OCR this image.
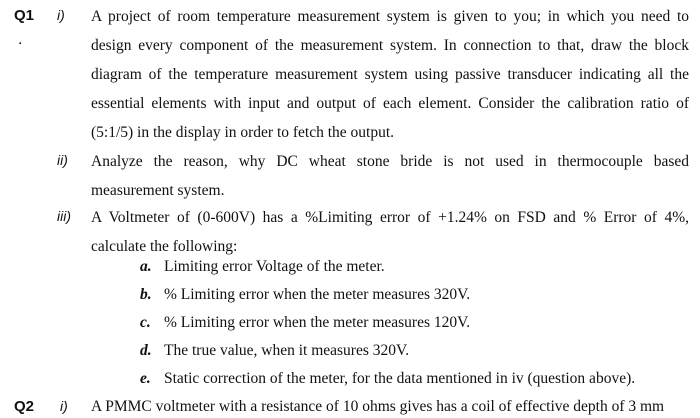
Q1
.
i) A project of room temperature measurement system is given to you; in which you need to
design every component of the measurement system. In connection to that, draw the block
diagram of the temperature measurement system using passive transducer indicating all the
essential elements with input and output of each element. Consider the calibration ratio of
(5:1/5) in the display in order to fetch the output.
ii) Analyze the reason, why DC wheat stone bride is not used in thermocouple based
measurement system.
iii) A Voltmeter of (0-600V) has a %Limiting error of +1.24% on FSD and % Error of 4%,
calculate the following:
a. Limiting error Voltage of the meter.
b. % Limiting error when the meter measures 320V.
c. % Limiting error when the meter measures 120V.
d. The true value, when it measures 320V.
e. Static correction of the meter, for the data mentioned in iv (question above).
Q2 i) A PMMC voltmeter with a resistance of 10 ohms gives has a coil of effective depth of 3 mm
